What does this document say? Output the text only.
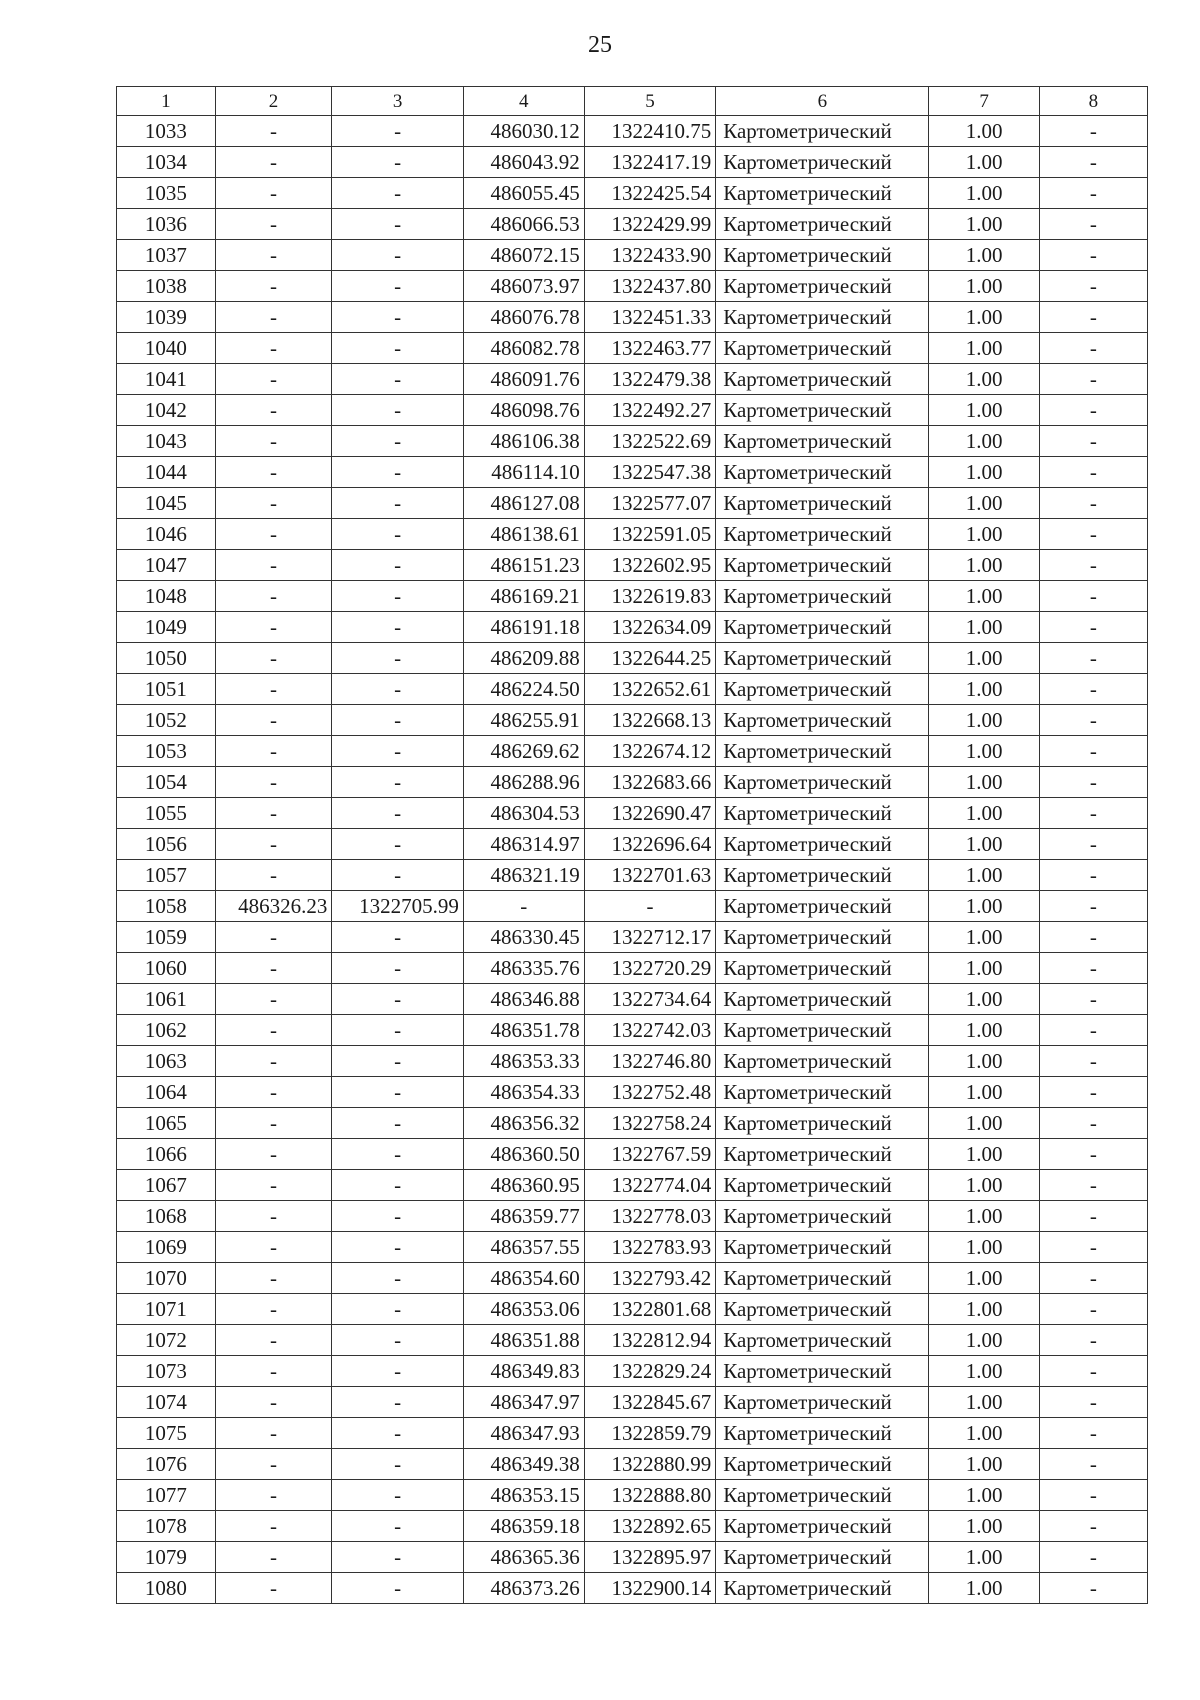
25
1	2	3	4	5	6	7	8
1033	-	-	486030.12	1322410.75	Картометрический	1.00	-
1034	-	-	486043.92	1322417.19	Картометрический	1.00	-
1035	-	-	486055.45	1322425.54	Картометрический	1.00	-
1036	-	-	486066.53	1322429.99	Картометрический	1.00	-
1037	-	-	486072.15	1322433.90	Картометрический	1.00	-
1038	-	-	486073.97	1322437.80	Картометрический	1.00	-
1039	-	-	486076.78	1322451.33	Картометрический	1.00	-
1040	-	-	486082.78	1322463.77	Картометрический	1.00	-
1041	-	-	486091.76	1322479.38	Картометрический	1.00	-
1042	-	-	486098.76	1322492.27	Картометрический	1.00	-
1043	-	-	486106.38	1322522.69	Картометрический	1.00	-
1044	-	-	486114.10	1322547.38	Картометрический	1.00	-
1045	-	-	486127.08	1322577.07	Картометрический	1.00	-
1046	-	-	486138.61	1322591.05	Картометрический	1.00	-
1047	-	-	486151.23	1322602.95	Картометрический	1.00	-
1048	-	-	486169.21	1322619.83	Картометрический	1.00	-
1049	-	-	486191.18	1322634.09	Картометрический	1.00	-
1050	-	-	486209.88	1322644.25	Картометрический	1.00	-
1051	-	-	486224.50	1322652.61	Картометрический	1.00	-
1052	-	-	486255.91	1322668.13	Картометрический	1.00	-
1053	-	-	486269.62	1322674.12	Картометрический	1.00	-
1054	-	-	486288.96	1322683.66	Картометрический	1.00	-
1055	-	-	486304.53	1322690.47	Картометрический	1.00	-
1056	-	-	486314.97	1322696.64	Картометрический	1.00	-
1057	-	-	486321.19	1322701.63	Картометрический	1.00	-
1058	486326.23	1322705.99	-	-	Картометрический	1.00	-
1059	-	-	486330.45	1322712.17	Картометрический	1.00	-
1060	-	-	486335.76	1322720.29	Картометрический	1.00	-
1061	-	-	486346.88	1322734.64	Картометрический	1.00	-
1062	-	-	486351.78	1322742.03	Картометрический	1.00	-
1063	-	-	486353.33	1322746.80	Картометрический	1.00	-
1064	-	-	486354.33	1322752.48	Картометрический	1.00	-
1065	-	-	486356.32	1322758.24	Картометрический	1.00	-
1066	-	-	486360.50	1322767.59	Картометрический	1.00	-
1067	-	-	486360.95	1322774.04	Картометрический	1.00	-
1068	-	-	486359.77	1322778.03	Картометрический	1.00	-
1069	-	-	486357.55	1322783.93	Картометрический	1.00	-
1070	-	-	486354.60	1322793.42	Картометрический	1.00	-
1071	-	-	486353.06	1322801.68	Картометрический	1.00	-
1072	-	-	486351.88	1322812.94	Картометрический	1.00	-
1073	-	-	486349.83	1322829.24	Картометрический	1.00	-
1074	-	-	486347.97	1322845.67	Картометрический	1.00	-
1075	-	-	486347.93	1322859.79	Картометрический	1.00	-
1076	-	-	486349.38	1322880.99	Картометрический	1.00	-
1077	-	-	486353.15	1322888.80	Картометрический	1.00	-
1078	-	-	486359.18	1322892.65	Картометрический	1.00	-
1079	-	-	486365.36	1322895.97	Картометрический	1.00	-
1080	-	-	486373.26	1322900.14	Картометрический	1.00	-
